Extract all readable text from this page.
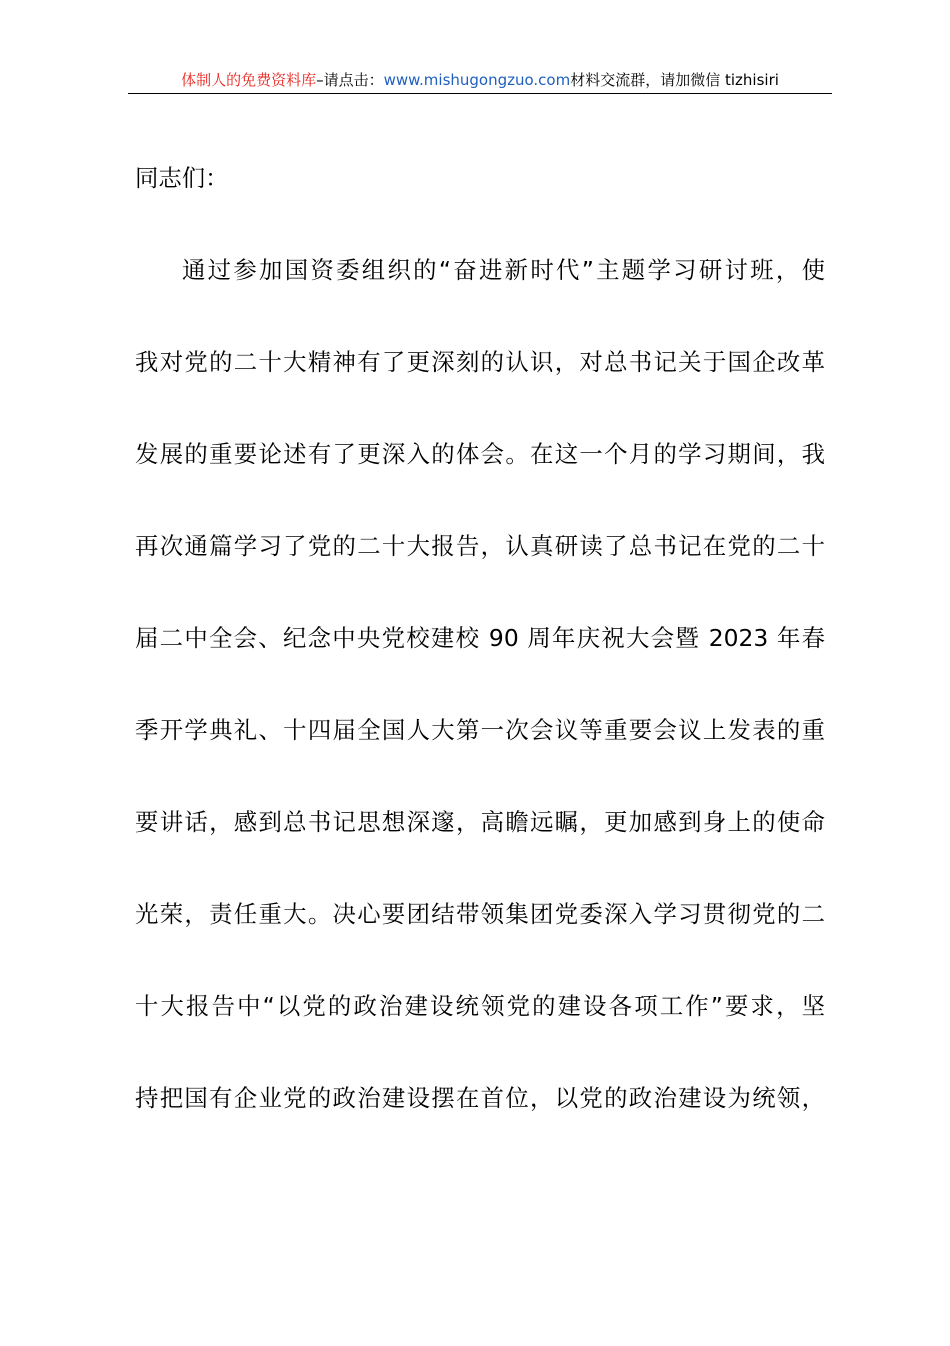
体制人的免费资料库–请点击：www.mishugongzuo.com材料交流群，请加微信 tizhisiri

同志们：

通过参加国资委组织的“奋进新时代”主题学习研讨班，使

我对党的二十大精神有了更深刻的认识，对总书记关于国企改革

发展的重要论述有了更深入的体会。在这一个月的学习期间，我

再次通篇学习了党的二十大报告，认真研读了总书记在党的二十

届二中全会、纪念中央党校建校 90 周年庆祝大会暨 2023 年春

季开学典礼、十四届全国人大第一次会议等重要会议上发表的重

要讲话，感到总书记思想深邃，高瞻远瞩，更加感到身上的使命

光荣，责任重大。决心要团结带领集团党委深入学习贯彻党的二

十大报告中“以党的政治建设统领党的建设各项工作”要求，坚

持把国有企业党的政治建设摆在首位，以党的政治建设为统领，
